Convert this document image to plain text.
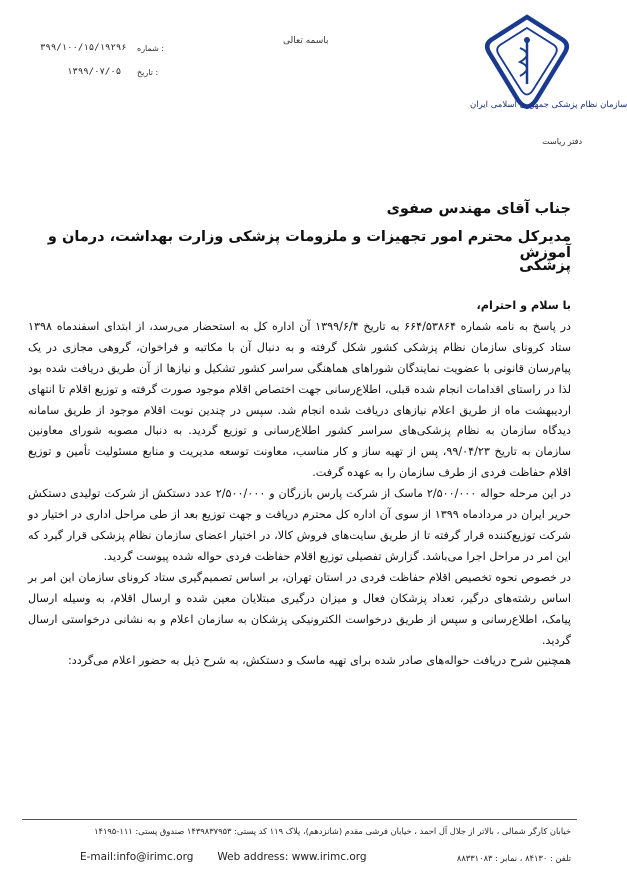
باسمه تعالی
۳۹۹/۱۰۰/۱۵/۱۹۲۹۶ شماره :
۱۳۹۹/۰۷/۰۵ تاریخ :
سازمان نظام پزشکی جمهوری اسلامی ایران
دفتر ریاست
جناب آقای مهندس صفوی
مدیرکل محترم امور تجهیزات و ملزومات پزشکی وزارت بهداشت، درمان و آموزش
پزشکی

با سلام و احترام،

در پاسخ به نامه شماره ۶۶۴/۵۳۸۶۴ به تاریخ ۱۳۹۹/۶/۴ آن اداره کل به استحضار می‌رسد، از ابتدای اسفندماه ۱۳۹۸ ستاد کرونای سازمان نظام پزشکی کشور شکل گرفته و به دنبال آن با مکاتبه و فراخوان، گروهی مجازی در یک پیام‌رسان قانونی با عضویت نمایندگان شوراهای هماهنگی سراسر کشور تشکیل و نیازها از آن طریق دریافت شده بود لذا در راستای اقدامات انجام شده قبلی، اطلاع‌رسانی جهت اختصاص اقلام موجود صورت گرفته و توزیع اقلام تا انتهای اردیبهشت ماه از طریق اعلام نیازهای دریافت شده انجام شد. سپس در چندین نوبت اقلام موجود از طریق سامانه دیدگاه سازمان به نظام پزشکی‌های سراسر کشور اطلاع‌رسانی و توزیع گردید. به دنبال مصوبه شورای معاونین سازمان به تاریخ ۹۹/۰۴/۲۳، پس از تهیه ساز و کار مناسب، معاونت توسعه مدیریت و منابع مسئولیت تأمین و توزیع اقلام حفاظت فردی از طرف سازمان را به عهده گرفت.

در این مرحله حواله ۲/۵۰۰/۰۰۰ ماسک از شرکت پارس بازرگان و ۲/۵۰۰/۰۰۰ عدد دستکش از شرکت تولیدی دستکش حریر ایران در مردادماه ۱۳۹۹ از سوی آن اداره کل محترم دریافت و جهت توزیع بعد از طی مراحل اداری در اختیار دو شرکت توزیع‌کننده قرار گرفته تا از طریق سایت‌های فروش کالا، در اختیار اعضای سازمان نظام پزشکی قرار گیرد که این امر در مراحل اجرا می‌باشد. گزارش تفصیلی توزیع اقلام حفاظت فردی حواله شده پیوست گردید.

در خصوص نحوه تخصیص اقلام حفاظت فردی در استان تهران، بر اساس تصمیم‌گیری ستاد کرونای سازمان این امر بر اساس رشته‌های درگیر، تعداد پزشکان فعال و میزان درگیری مبتلایان معین شده و ارسال اقلام، به وسیله ارسال پیامک، اطلاع‌رسانی و سپس از طریق درخواست الکترونیکی پزشکان به سازمان اعلام و به نشانی درخواستی ارسال گردید.

همچنین شرح دریافت حواله‌های صادر شده برای تهیه ماسک و دستکش، به شرح ذیل به حضور اعلام می‌گردد:

خیابان کارگر شمالی ، بالاتر از جلال آل احمد ، خیابان فرشی مقدم (شانزدهم)، پلاک ۱۱۹ کد پستی: ۱۴۳۹۸۳۷۹۵۳ صندوق پستی: ۱۱۱-۱۴۱۹۵
E-mail:info@irimc.org Web address: www.irimc.org	تلفن : ۸۴۱۳۰ ، نمابر : ۸۸۳۳۱۰۸۳
